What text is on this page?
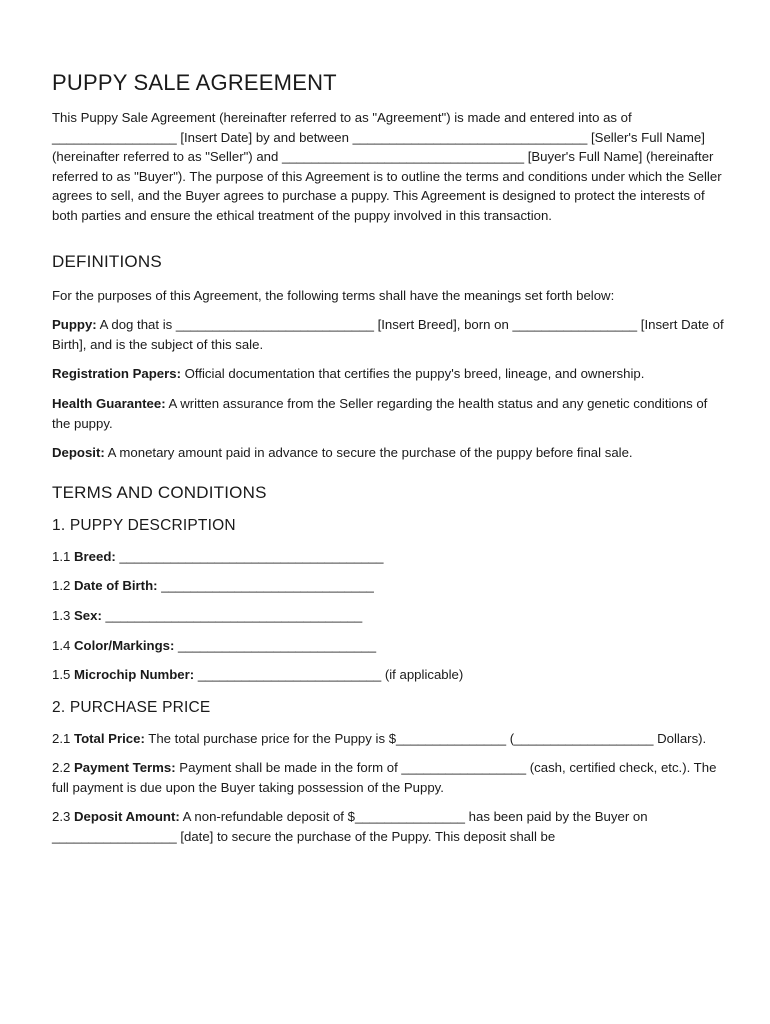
PUPPY SALE AGREEMENT

This Puppy Sale Agreement (hereinafter referred to as "Agreement") is made and entered into as of _________________ [Insert Date] by and between ________________________________ [Seller's Full Name] (hereinafter referred to as "Seller") and _________________________________ [Buyer's Full Name] (hereinafter referred to as "Buyer"). The purpose of this Agreement is to outline the terms and conditions under which the Seller agrees to sell, and the Buyer agrees to purchase a puppy. This Agreement is designed to protect the interests of both parties and ensure the ethical treatment of the puppy involved in this transaction.

DEFINITIONS

For the purposes of this Agreement, the following terms shall have the meanings set forth below:

Puppy: A dog that is ___________________________ [Insert Breed], born on _________________ [Insert Date of Birth], and is the subject of this sale.

Registration Papers: Official documentation that certifies the puppy's breed, lineage, and ownership.

Health Guarantee: A written assurance from the Seller regarding the health status and any genetic conditions of the puppy.

Deposit: A monetary amount paid in advance to secure the purchase of the puppy before final sale.

TERMS AND CONDITIONS
1. PUPPY DESCRIPTION

1.1 Breed: ____________________________________

1.2 Date of Birth: _____________________________

1.3 Sex: ___________________________________

1.4 Color/Markings: ___________________________

1.5 Microchip Number: _________________________ (if applicable)

2. PURCHASE PRICE

2.1 Total Price: The total purchase price for the Puppy is $_______________ (___________________ Dollars).

2.2 Payment Terms: Payment shall be made in the form of _________________ (cash, certified check, etc.). The full payment is due upon the Buyer taking possession of the Puppy.

2.3 Deposit Amount: A non-refundable deposit of $_______________ has been paid by the Buyer on _________________ [date] to secure the purchase of the Puppy. This deposit shall be
